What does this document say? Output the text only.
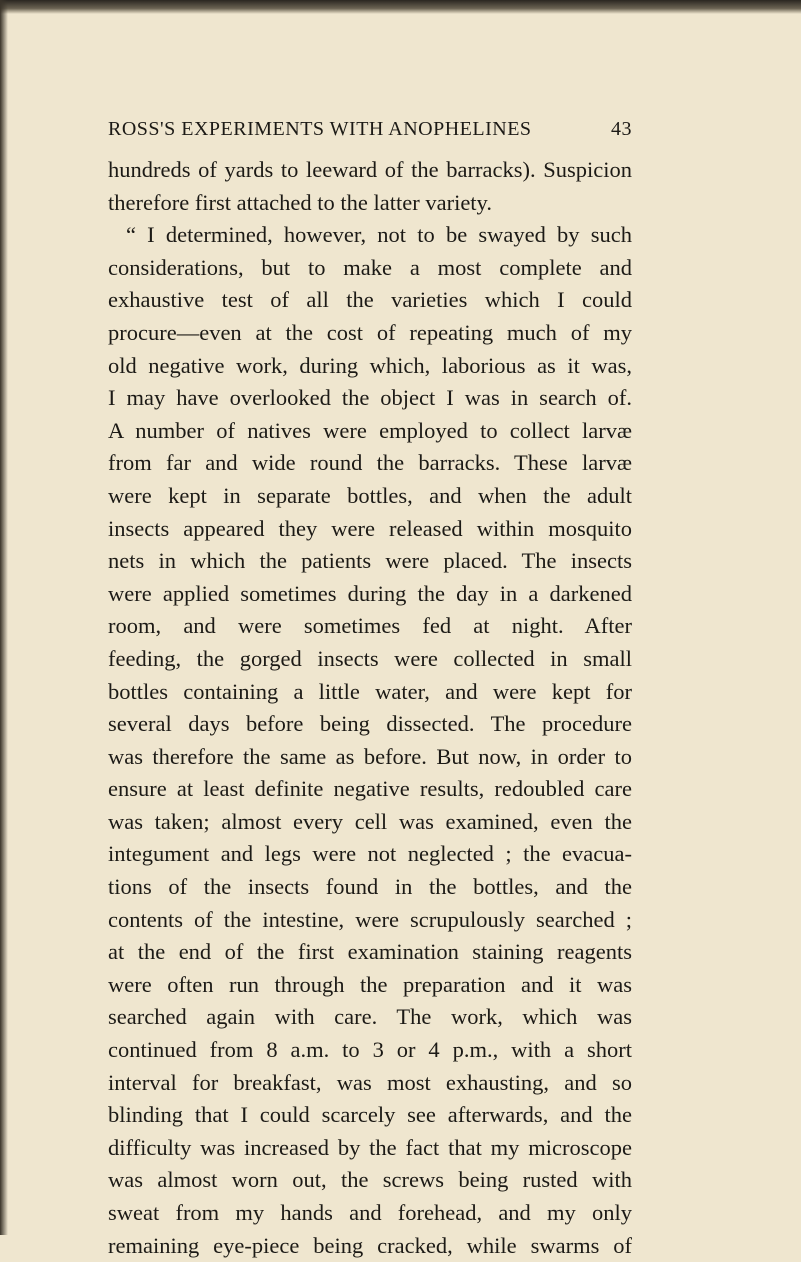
ROSS'S EXPERIMENTS WITH ANOPHELINES	43
hundreds of yards to leeward of the barracks). Suspicion
therefore first attached to the latter variety.
“ I determined, however, not to be swayed by such
considerations, but to make a most complete and
exhaustive test of all the varieties which I could
procure—even at the cost of repeating much of my
old negative work, during which, laborious as it was,
I may have overlooked the object I was in search of.
A number of natives were employed to collect larvæ
from far and wide round the barracks. These larvæ
were kept in separate bottles, and when the adult
insects appeared they were released within mosquito
nets in which the patients were placed. The insects
were applied sometimes during the day in a darkened
room, and were sometimes fed at night. After
feeding, the gorged insects were collected in small
bottles containing a little water, and were kept for
several days before being dissected. The procedure
was therefore the same as before. But now, in order to
ensure at least definite negative results, redoubled care
was taken; almost every cell was examined, even the
integument and legs were not neglected ; the evacua-
tions of the insects found in the bottles, and the
contents of the intestine, were scrupulously searched ;
at the end of the first examination staining reagents
were often run through the preparation and it was
searched again with care. The work, which was
continued from 8 a.m. to 3 or 4 p.m., with a short
interval for breakfast, was most exhausting, and so
blinding that I could scarcely see afterwards, and the
difficulty was increased by the fact that my microscope
was almost worn out, the screws being rusted with
sweat from my hands and forehead, and my only
remaining eye-piece being cracked, while swarms of
